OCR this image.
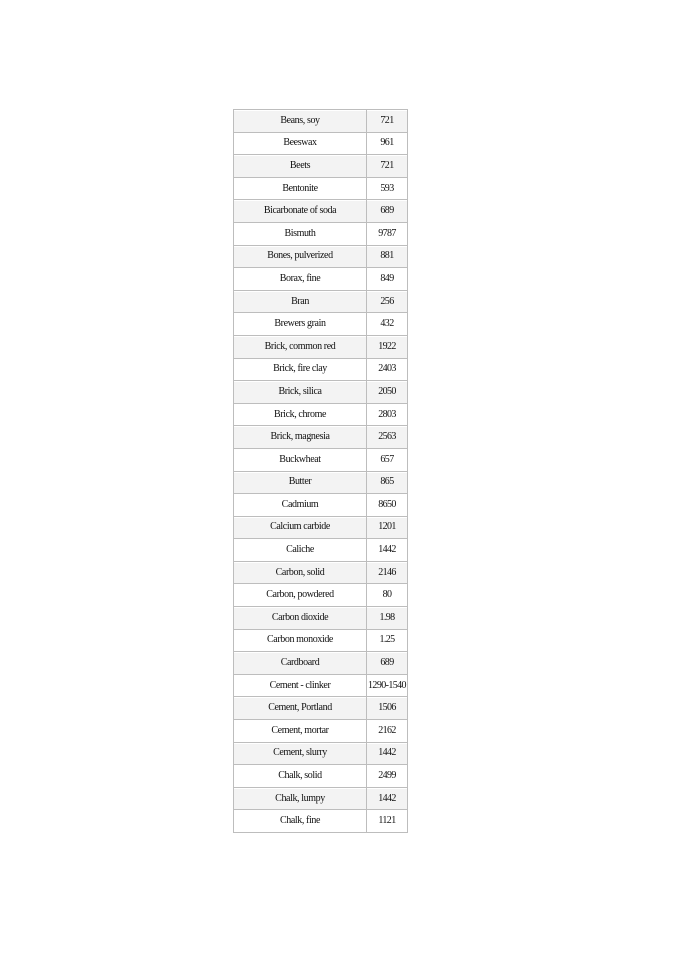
Beans, soy	721
Beeswax	961
Beets	721
Bentonite	593
Bicarbonate of soda	689
Bismuth	9787
Bones, pulverized	881
Borax, fine	849
Bran	256
Brewers grain	432
Brick, common red	1922
Brick, fire clay	2403
Brick, silica	2050
Brick, chrome	2803
Brick, magnesia	2563
Buckwheat	657
Butter	865
Cadmium	8650
Calcium carbide	1201
Caliche	1442
Carbon, solid	2146
Carbon, powdered	80
Carbon dioxide	1.98
Carbon monoxide	1.25
Cardboard	689
Cement - clinker	1290-1540
Cement, Portland	1506
Cement, mortar	2162
Cement, slurry	1442
Chalk, solid	2499
Chalk, lumpy	1442
Chalk, fine	1121
